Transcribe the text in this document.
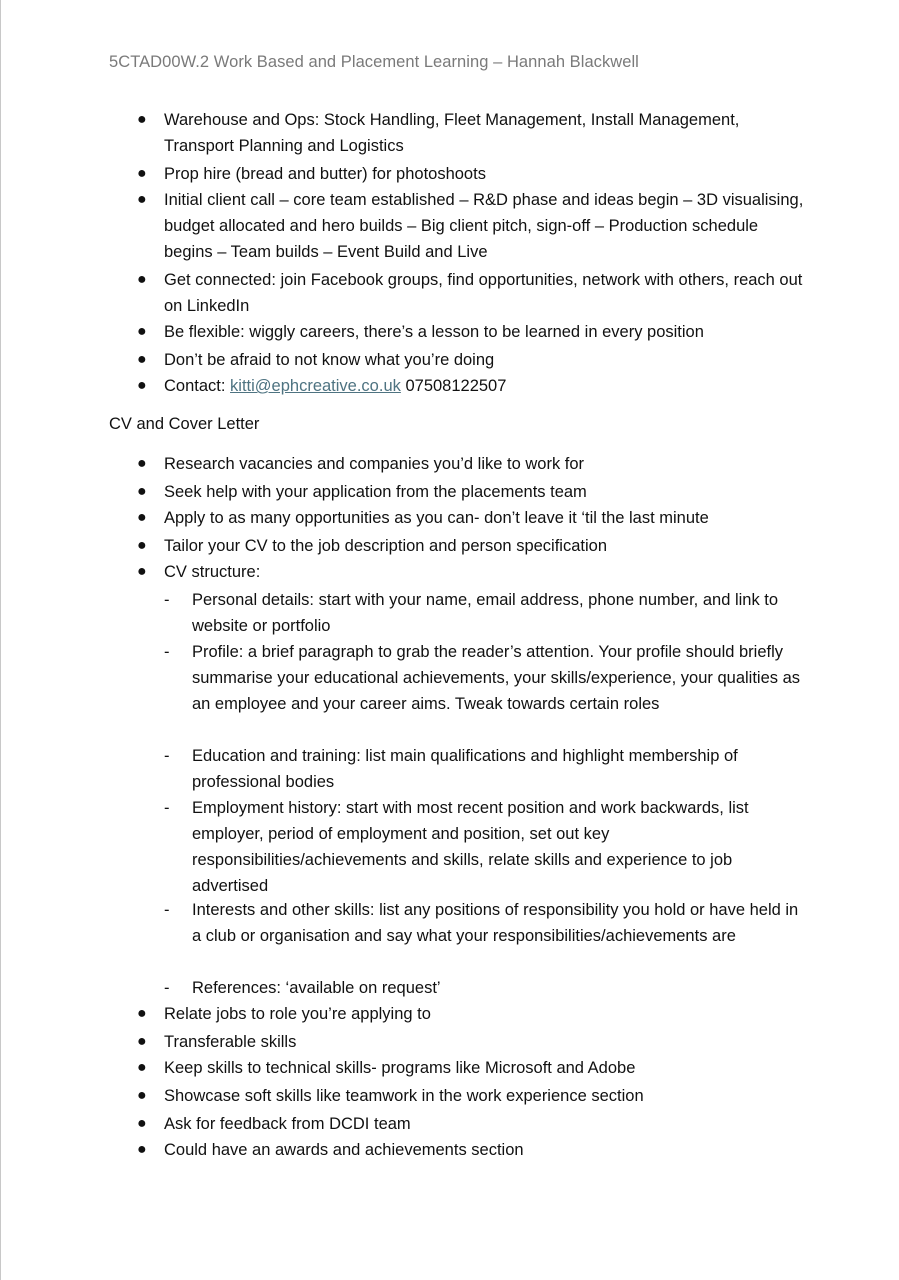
5CTAD00W.2 Work Based and Placement Learning – Hannah Blackwell
● Warehouse and Ops: Stock Handling, Fleet Management, Install Management, Transport Planning and Logistics
● Prop hire (bread and butter) for photoshoots
● Initial client call – core team established – R&D phase and ideas begin – 3D visualising, budget allocated and hero builds – Big client pitch, sign-off – Production schedule begins – Team builds – Event Build and Live
● Get connected: join Facebook groups, find opportunities, network with others, reach out on LinkedIn
● Be flexible: wiggly careers, there’s a lesson to be learned in every position
● Don’t be afraid to not know what you’re doing
● Contact: kitti@ephcreative.co.uk 07508122507
CV and Cover Letter
● Research vacancies and companies you’d like to work for
● Seek help with your application from the placements team
● Apply to as many opportunities as you can- don’t leave it ‘til the last minute
● Tailor your CV to the job description and person specification
● CV structure:
- Personal details: start with your name, email address, phone number, and link to website or portfolio
- Profile: a brief paragraph to grab the reader’s attention. Your profile should briefly summarise your educational achievements, your skills/experience, your qualities as an employee and your career aims. Tweak towards certain roles
- Education and training: list main qualifications and highlight membership of professional bodies
- Employment history: start with most recent position and work backwards, list employer, period of employment and position, set out key responsibilities/achievements and skills, relate skills and experience to job advertised
- Interests and other skills: list any positions of responsibility you hold or have held in a club or organisation and say what your responsibilities/achievements are
- References: ‘available on request’
● Relate jobs to role you’re applying to
● Transferable skills
● Keep skills to technical skills- programs like Microsoft and Adobe
● Showcase soft skills like teamwork in the work experience section
● Ask for feedback from DCDI team
● Could have an awards and achievements section
